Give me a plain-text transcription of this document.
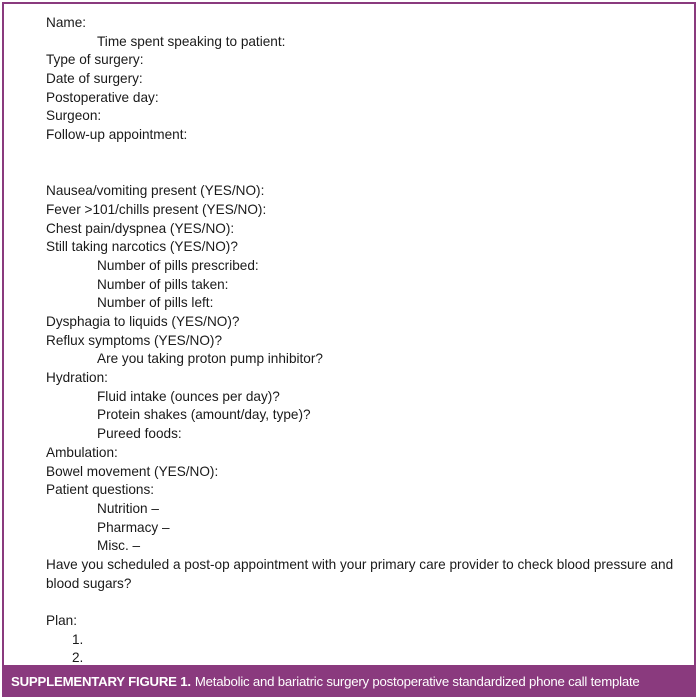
Name:
Time spent speaking to patient:
Type of surgery:
Date of surgery:
Postoperative day:
Surgeon:
Follow-up appointment:
Nausea/vomiting present (YES/NO):
Fever >101/chills present (YES/NO):
Chest pain/dyspnea (YES/NO):
Still taking narcotics (YES/NO)?
Number of pills prescribed:
Number of pills taken:
Number of pills left:
Dysphagia to liquids (YES/NO)?
Reflux symptoms (YES/NO)?
Are you taking proton pump inhibitor?
Hydration:
Fluid intake (ounces per day)?
Protein shakes (amount/day, type)?
Pureed foods:
Ambulation:
Bowel movement (YES/NO):
Patient questions:
Nutrition –
Pharmacy –
Misc. –
Have you scheduled a post-op appointment with your primary care provider to check blood pressure and blood sugars?
Plan:
1.
2.
SUPPLEMENTARY FIGURE 1. Metabolic and bariatric surgery postoperative standardized phone call template
